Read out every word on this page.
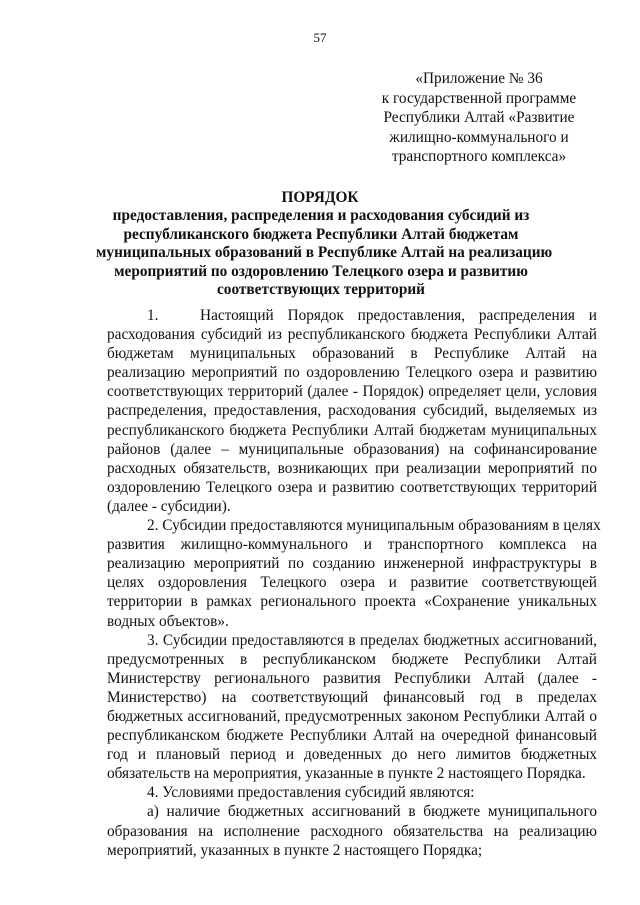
57
«Приложение № 36
к государственной программе
Республики Алтай «Развитие
жилищно-коммунального и
транспортного комплекса»
ПОРЯДОК
предоставления, распределения и расходования субсидий из
республиканского бюджета Республики Алтай бюджетам
муниципальных образований в Республике Алтай на реализацию
мероприятий по оздоровлению Телецкого озера и развитию
соответствующих территорий
1.   Настоящий Порядок предоставления, распределения и
расходования субсидий из республиканского бюджета Республики Алтай
бюджетам муниципальных образований в Республике Алтай на
реализацию мероприятий по оздоровлению Телецкого озера и развитию
соответствующих территорий (далее - Порядок) определяет цели, условия
распределения, предоставления, расходования субсидий, выделяемых из
республиканского бюджета Республики Алтай бюджетам муниципальных
районов (далее – муниципальные образования) на софинансирование
расходных обязательств, возникающих при реализации мероприятий по
оздоровлению Телецкого озера и развитию соответствующих территорий
(далее - субсидии).
2. Субсидии предоставляются муниципальным образованиям в целях
развития жилищно-коммунального и транспортного комплекса на
реализацию мероприятий по созданию инженерной инфраструктуры в
целях оздоровления Телецкого озера и развитие соответствующей
территории в рамках регионального проекта «Сохранение уникальных
водных объектов».
3. Субсидии предоставляются в пределах бюджетных ассигнований,
предусмотренных в республиканском бюджете Республики Алтай
Министерству регионального развития Республики Алтай (далее -
Министерство) на соответствующий финансовый год в пределах
бюджетных ассигнований, предусмотренных законом Республики Алтай о
республиканском бюджете Республики Алтай на очередной финансовый
год и плановый период и доведенных до него лимитов бюджетных
обязательств на мероприятия, указанные в пункте 2 настоящего Порядка.
4. Условиями предоставления субсидий являются:
а) наличие бюджетных ассигнований в бюджете муниципального
образования на исполнение расходного обязательства на реализацию
мероприятий, указанных в пункте 2 настоящего Порядка;
